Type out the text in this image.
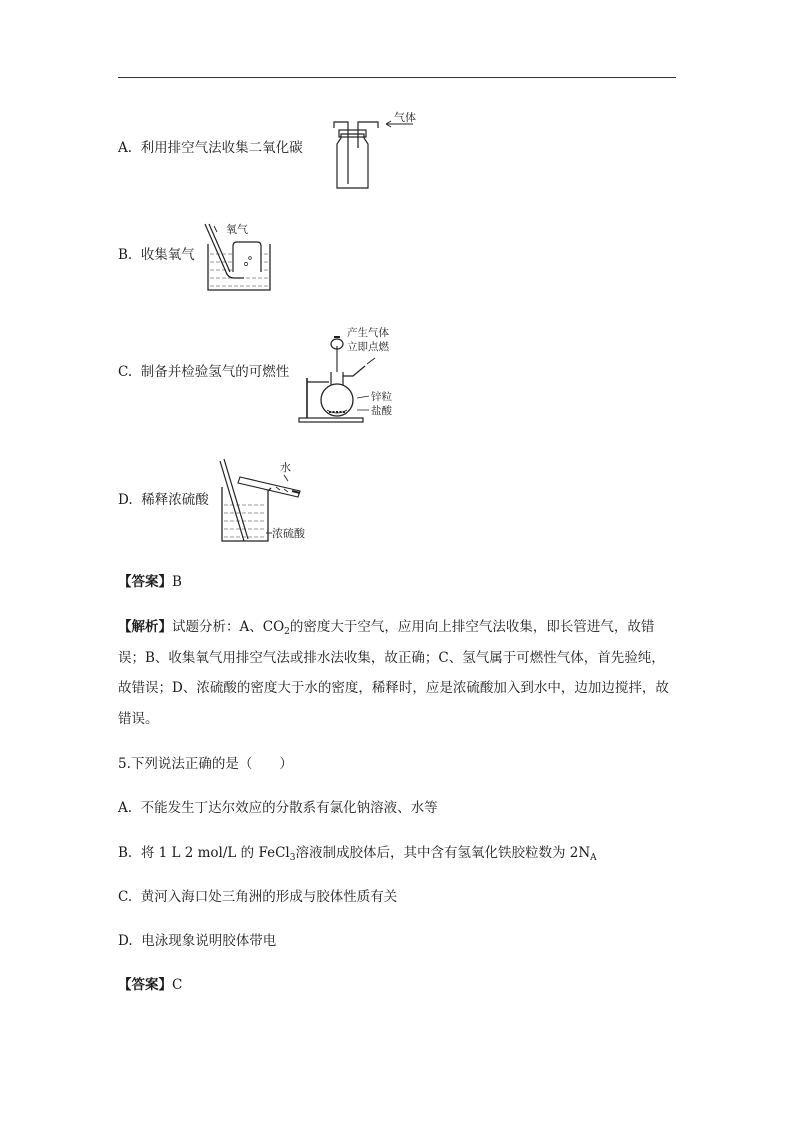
A. 利用排空气法收集二氧化碳
气体
B. 收集氧气
氧气
C. 制备并检验氢气的可燃性
产生气体
立即点燃
锌粒
盐酸
D. 稀释浓硫酸
水
浓硫酸
【答案】B
【解析】试题分析：A、$CO_2$的密度大于空气，应用向上排空气法收集，即长管进气，故错误；B、收集氧气用排空气法或排水法收集，故正确；C、氢气属于可燃性气体，首先验纯，故错误；D、浓硫酸的密度大于水的密度，稀释时，应是浓硫酸加入到水中，边加边搅拌，故错误。
5.下列说法正确的是（　　）
A. 不能发生丁达尔效应的分散系有氯化钠溶液、水等
B. 将 1 L 2 mol/L 的 FeCl$_3$溶液制成胶体后，其中含有氢氧化铁胶粒数为 $2N_A$
C. 黄河入海口处三角洲的形成与胶体性质有关
D. 电泳现象说明胶体带电
【答案】C
